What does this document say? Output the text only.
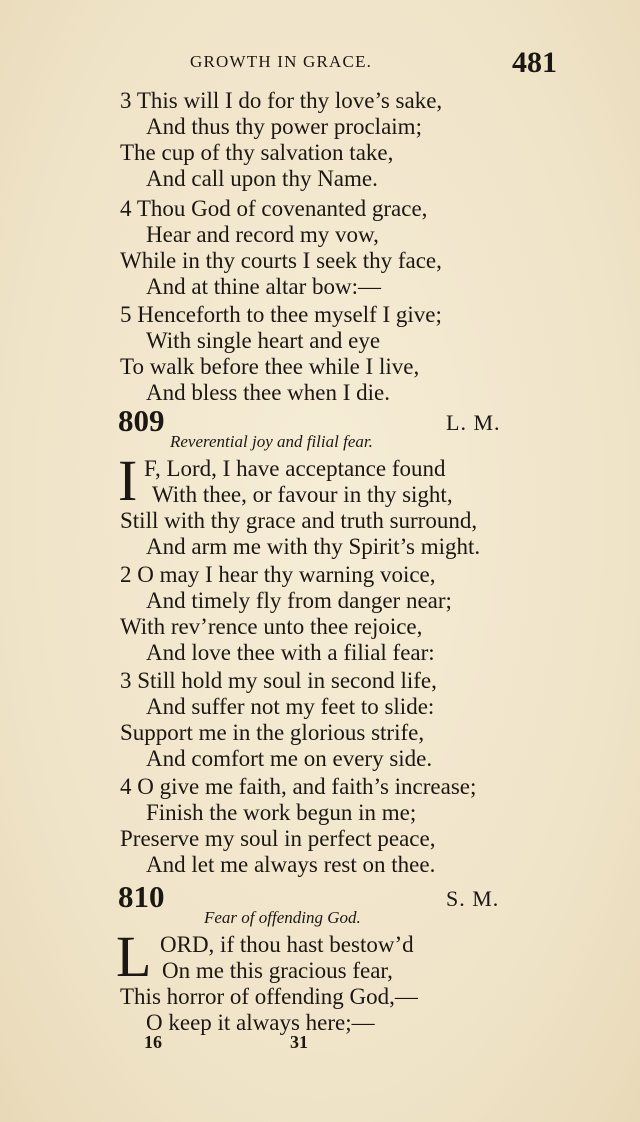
GROWTH IN GRACE.	481
3 This will I do for thy love’s sake,
And thus thy power proclaim;
The cup of thy salvation take,
And call upon thy Name.
4 Thou God of covenanted grace,
Hear and record my vow,
While in thy courts I seek thy face,
And at thine altar bow:—
5 Henceforth to thee myself I give;
With single heart and eye
To walk before thee while I live,
And bless thee when I die.
809	L. M.
Reverential joy and filial fear.
I F, Lord, I have acceptance found
With thee, or favour in thy sight,
Still with thy grace and truth surround,
And arm me with thy Spirit’s might.
2 O may I hear thy warning voice,
And timely fly from danger near;
With rev’rence unto thee rejoice,
And love thee with a filial fear:
3 Still hold my soul in second life,
And suffer not my feet to slide:
Support me in the glorious strife,
And comfort me on every side.
4 O give me faith, and faith’s increase;
Finish the work begun in me;
Preserve my soul in perfect peace,
And let me always rest on thee.
810	S. M.
Fear of offending God.
L ORD, if thou hast bestow’d
On me this gracious fear,
This horror of offending God,—
O keep it always here;—
16	31
